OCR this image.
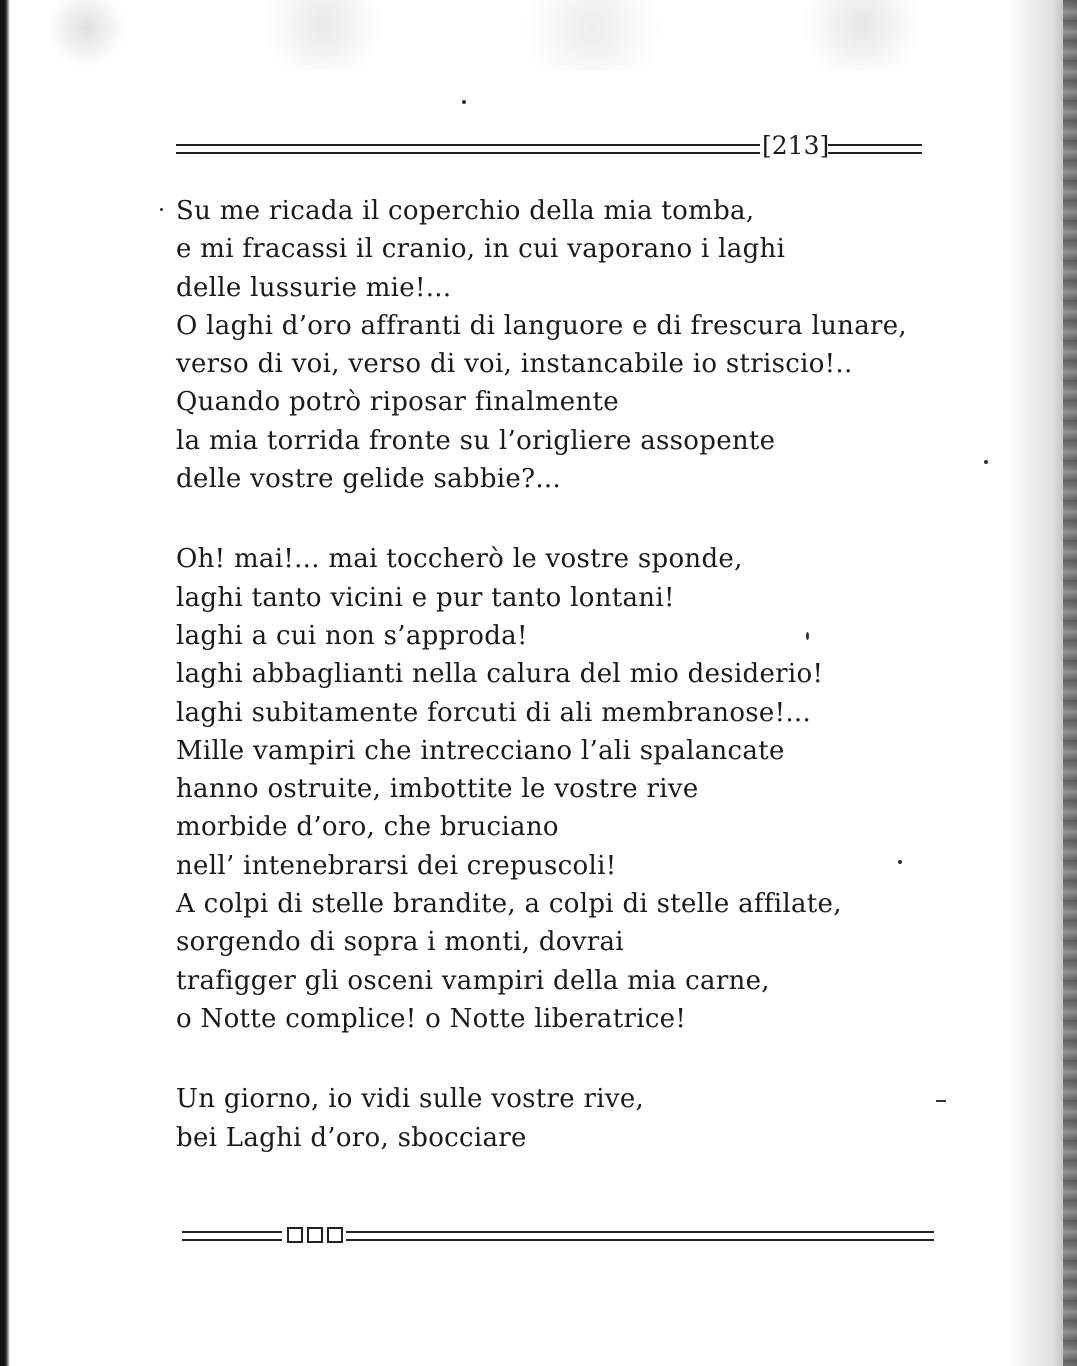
[213]
Su me ricada il coperchio della mia tomba,
e mi fracassi il cranio, in cui vaporano i laghi
delle lussurie mie!...
O laghi d’oro affranti di languore e di frescura lunare,
verso di voi, verso di voi, instancabile io striscio!..
Quando potrò riposar finalmente
la mia torrida fronte su l’origliere assopente
delle vostre gelide sabbie?...
Oh! mai!... mai toccherò le vostre sponde,
laghi tanto vicini e pur tanto lontani!
laghi a cui non s’approda!
laghi abbaglianti nella calura del mio desiderio!
laghi subitamente forcuti di ali membranose!...
Mille vampiri che intrecciano l’ali spalancate
hanno ostruite, imbottite le vostre rive
morbide d’oro, che bruciano
nell’ intenebrarsi dei crepuscoli!
A colpi di stelle brandite, a colpi di stelle affilate,
sorgendo di sopra i monti, dovrai
trafigger gli osceni vampiri della mia carne,
o Notte complice! o Notte liberatrice!
Un giorno, io vidi sulle vostre rive,
bei Laghi d’oro, sbocciare
